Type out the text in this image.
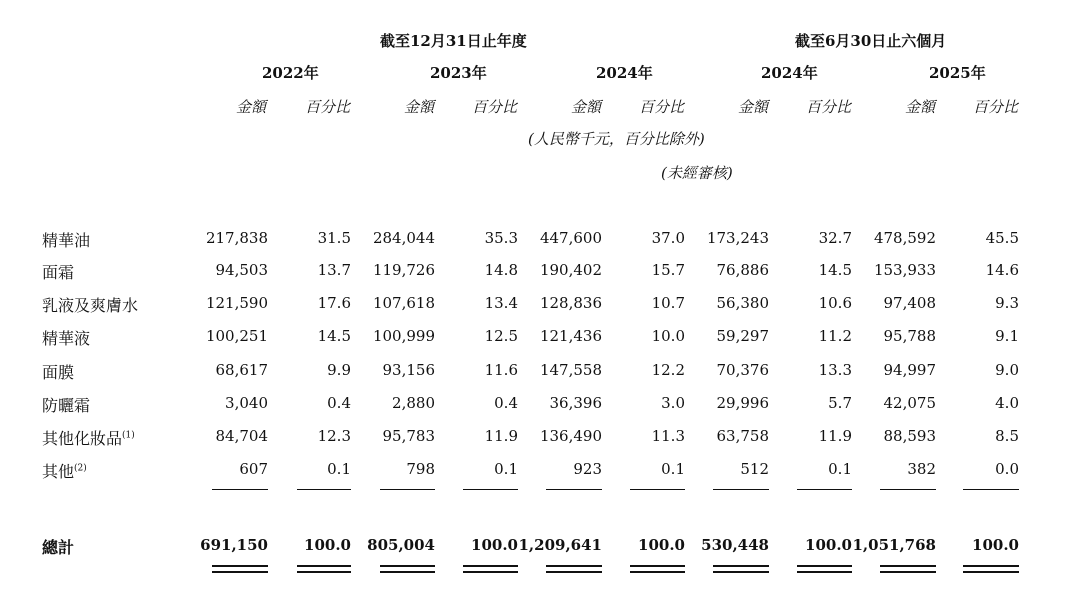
截至12月31日止年度	截至6月30日止六個月
2022年	2023年	2024年	2024年	2025年
金額	百分比	金額	百分比	金額	百分比	金額	百分比	金額	百分比
(人民幣千元，百分比除外)
(未經審核)
精華油	217,838	31.5 284,044	35.3 447,600	37.0 173,243	32.7 478,592	45.5
面霜	94,503	13.7 119,726	14.8 190,402	15.7 76,886	14.5 153,933	14.6
乳液及爽膚水	121,590	17.6 107,618	13.4 128,836	10.7 56,380	10.6 97,408	9.3
精華液	100,251	14.5 100,999	12.5 121,436	10.0 59,297	11.2 95,788	9.1
面膜	68,617	9.9 93,156	11.6 147,558	12.2 70,376	13.3 94,997	9.0
防曬霜	3,040	0.4	2,880	0.4 36,396	3.0 29,996	5.7 42,075	4.0
其他化妝品$^{(1)}$	84,704	12.3 95,783	11.9 136,490	11.3 63,758	11.9 88,593	8.5
其他$^{(2)}$	607	0.1	798	0.1	923	0.1	512	0.1	382	0.0
總計	691,150 100.0 805,004 100.0 1,209,641 100.0 530,448 100.0 1,051,768 100.0
